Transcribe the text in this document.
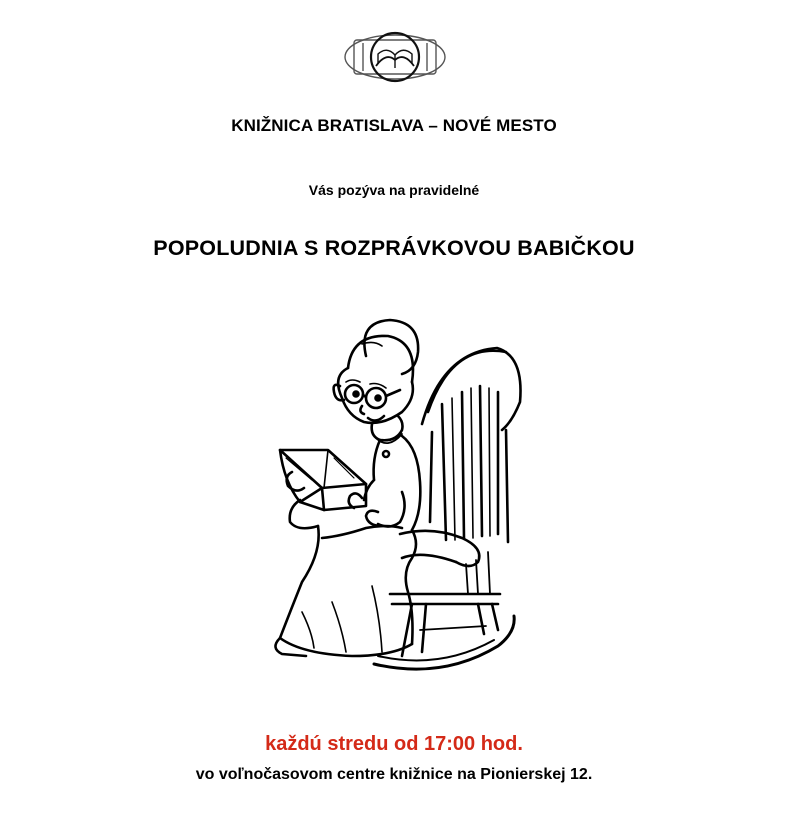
KNIŽNICA BRATISLAVA – NOVÉ MESTO
Vás pozýva na pravidelné
POPOLUDNIA S ROZPRÁVKOVOU BABIČKOU
každú stredu od 17:00 hod.
vo voľnočasovom centre knižnice na Pionierskej 12.
